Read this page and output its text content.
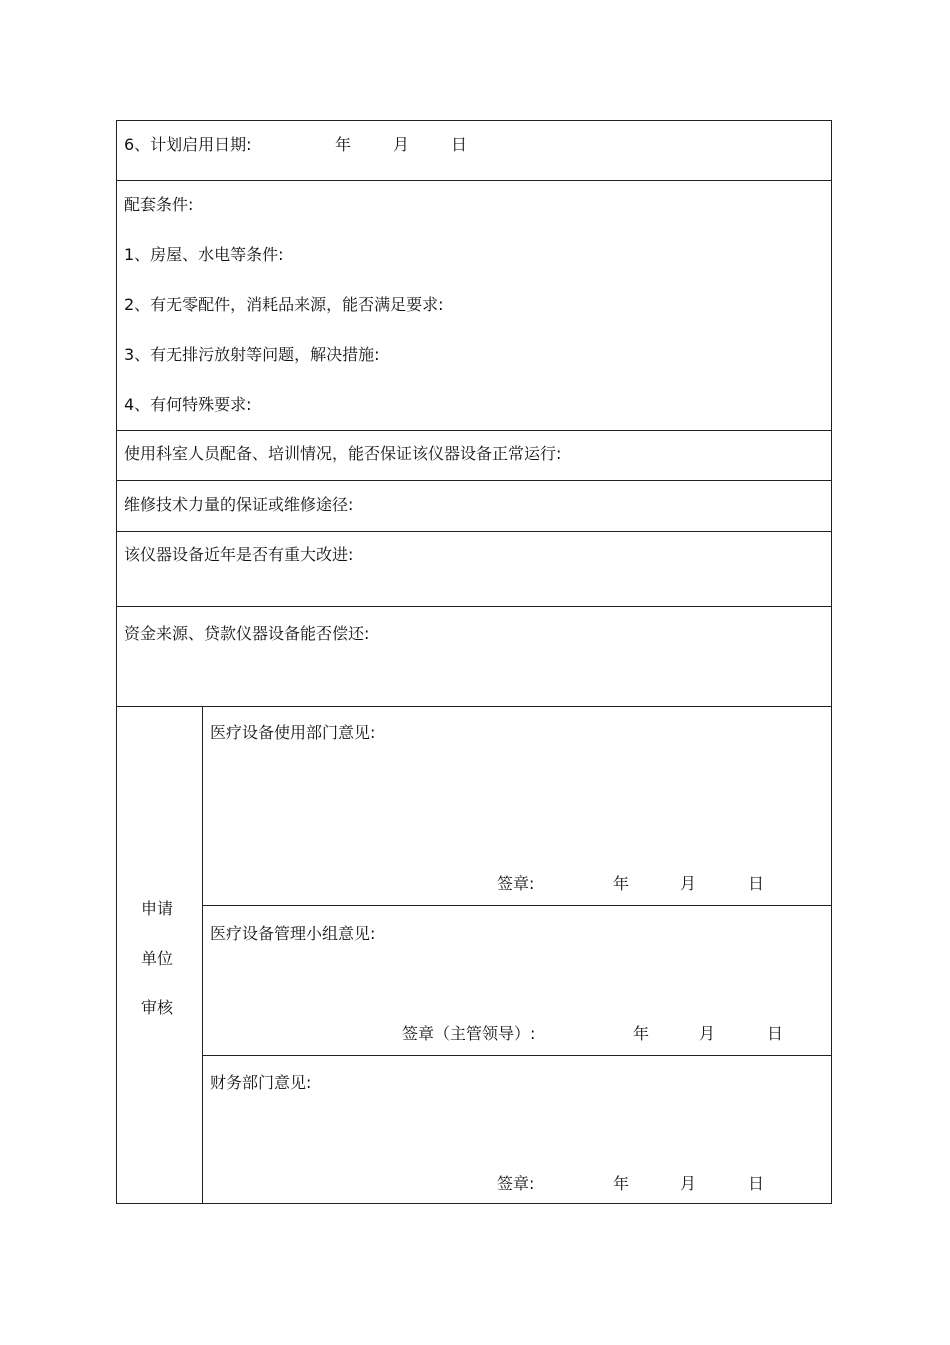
6、计划启用日期:	年	月	日
配套条件:
1、房屋、水电等条件:
2、有无零配件，消耗品来源，能否满足要求:
3、有无排污放射等问题，解决措施:
4、有何特殊要求:
使用科室人员配备、培训情况，能否保证该仪器设备正常运行:
维修技术力量的保证或维修途径:
该仪器设备近年是否有重大改进:
资金来源、贷款仪器设备能否偿还:
申请
单位
审核
医疗设备使用部门意见:
签章:	年	月	日
医疗设备管理小组意见:
签章（主管领导）:	年	月	日
财务部门意见:
签章:	年	月	日
